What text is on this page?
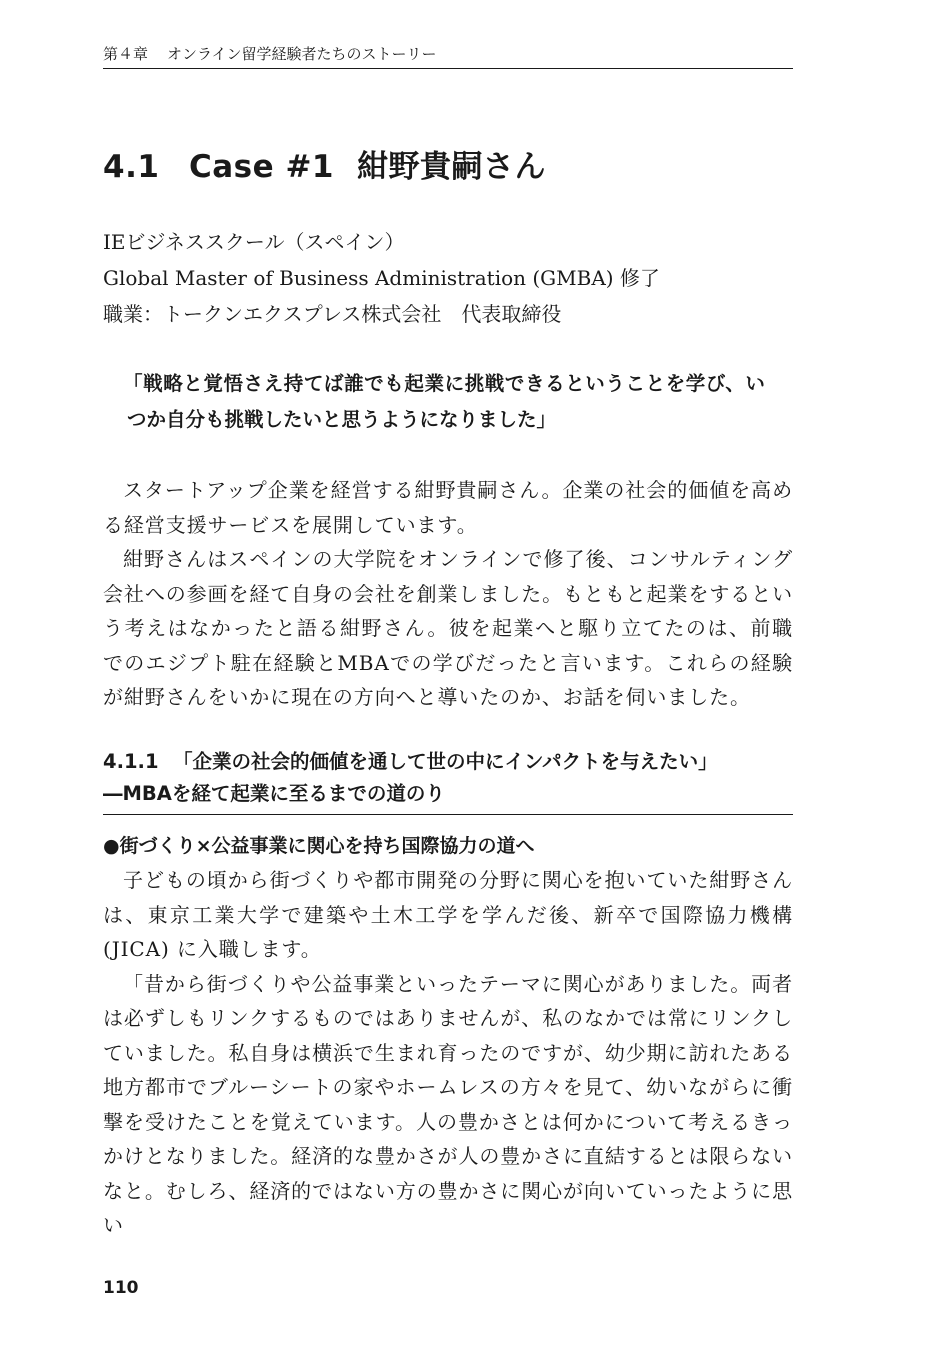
第４章 オンライン留学経験者たちのストーリー
4.1 Case #1 紺野貴嗣さん
IEビジネススクール（スペイン）
Global Master of Business Administration (GMBA) 修了
職業：トークンエクスプレス株式会社　代表取締役
「戦略と覚悟さえ持てば誰でも起業に挑戦できるということを学び、い
つか自分も挑戦したいと思うようになりました」

スタートアップ企業を経営する紺野貴嗣さん。企業の社会的価値を高める経営支援サービスを展開しています。

紺野さんはスペインの大学院をオンラインで修了後、コンサルティング会社への参画を経て自身の会社を創業しました。もともと起業をするという考えはなかったと語る紺野さん。彼を起業へと駆り立てたのは、前職でのエジプト駐在経験とMBAでの学びだったと言います。これらの経験が紺野さんをいかに現在の方向へと導いたのか、お話を伺いました。

4.1.1 「企業の社会的価値を通して世の中にインパクトを与えたい」
―MBAを経て起業に至るまでの道のり
●街づくり×公益事業に関心を持ち国際協力の道へ

子どもの頃から街づくりや都市開発の分野に関心を抱いていた紺野さんは、東京工業大学で建築や土木工学を学んだ後、新卒で国際協力機構 (JICA) に入職します。

「昔から街づくりや公益事業といったテーマに関心がありました。両者は必ずしもリンクするものではありませんが、私のなかでは常にリンクしていました。私自身は横浜で生まれ育ったのですが、幼少期に訪れたある地方都市でブルーシートの家やホームレスの方々を見て、幼いながらに衝撃を受けたことを覚えています。人の豊かさとは何かについて考えるきっかけとなりました。経済的な豊かさが人の豊かさに直結するとは限らないなと。むしろ、経済的ではない方の豊かさに関心が向いていったように思い

110
